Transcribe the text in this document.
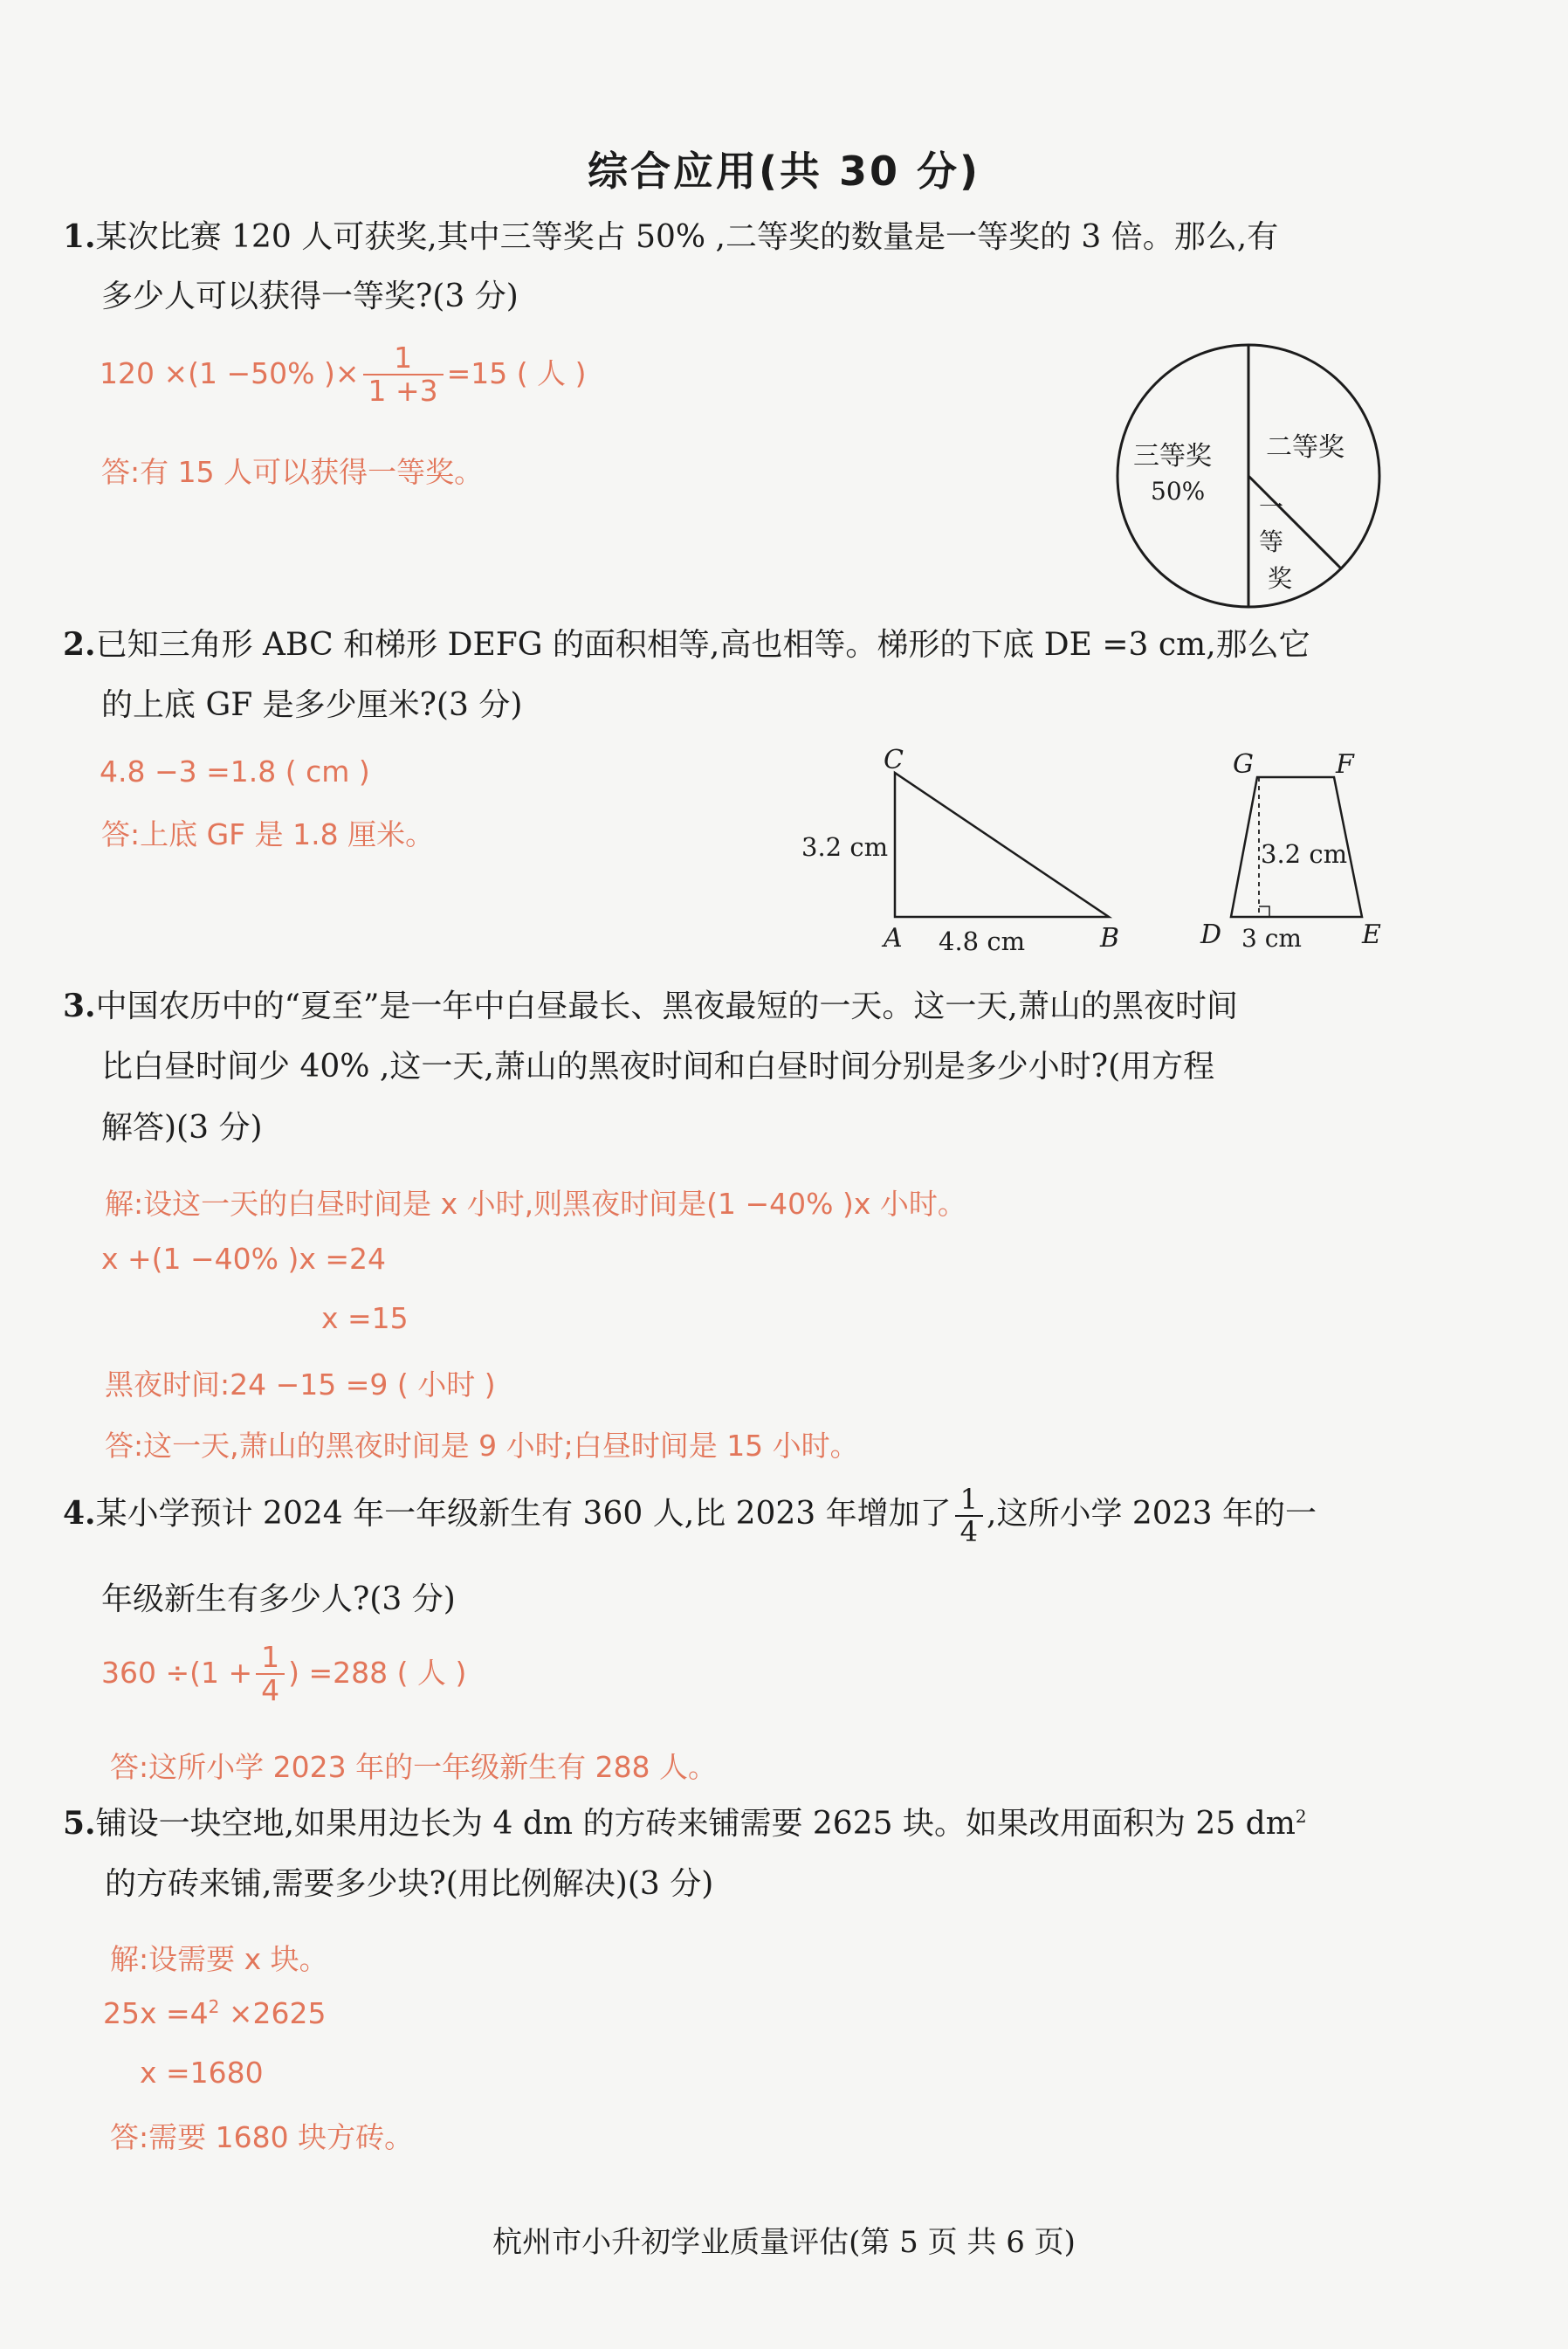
综合应用(共 30 分)
1.某次比赛 120 人可获奖,其中三等奖占 50% ,二等奖的数量是一等奖的 3 倍。那么,有
多少人可以获得一等奖?(3 分)
120 ×(1 −50% )× $\frac{1}{1 +3} =15$ ( 人 )
答:有 15 人可以获得一等奖。	三等奖
50%
二等奖
一
等
奖
2.已知三角形 ABC 和梯形 DEFG 的面积相等,高也相等。梯形的下底 DE =3 cm,那么它
的上底 GF 是多少厘米?(3 分)
4.8 −3 =1.8 ( cm )
答:上底 GF 是 1.8 厘米。
C
A	B
3.2 cm
4.8 cm
G	F
D	E
3.2 cm
3 cm
3.中国农历中的“夏至”是一年中白昼最长、黑夜最短的一天。这一天,萧山的黑夜时间
比白昼时间少 40% ,这一天,萧山的黑夜时间和白昼时间分别是多少小时?(用方程
解答)(3 分)
解:设这一天的白昼时间是 x 小时,则黑夜时间是(1 −40% )x 小时。
x +(1 −40% )x =24
x =15
黑夜时间:24 −15 =9 ( 小时 )
答:这一天,萧山的黑夜时间是 9 小时;白昼时间是 15 小时。
4.某小学预计 2024 年一年级新生有 360 人,比 2023 年增加了 $\frac{1}{4}$ ,这所小学 2023 年的一
年级新生有多少人?(3 分)
$360 \div(1 + \frac{1}{4}$ ) =288 ( 人 )
答:这所小学 2023 年的一年级新生有 288 人。
5.铺设一块空地,如果用边长为 4 dm 的方砖来铺需要 2625 块。如果改用面积为 25 $dm^2$
的方砖来铺,需要多少块?(用比例解决)(3 分)
解:设需要 x 块。
$25x =4^2 \times 2625$
x =1680
答:需要 1680 块方砖。
杭州市小升初学业质量评估(第 5 页 共 6 页)
